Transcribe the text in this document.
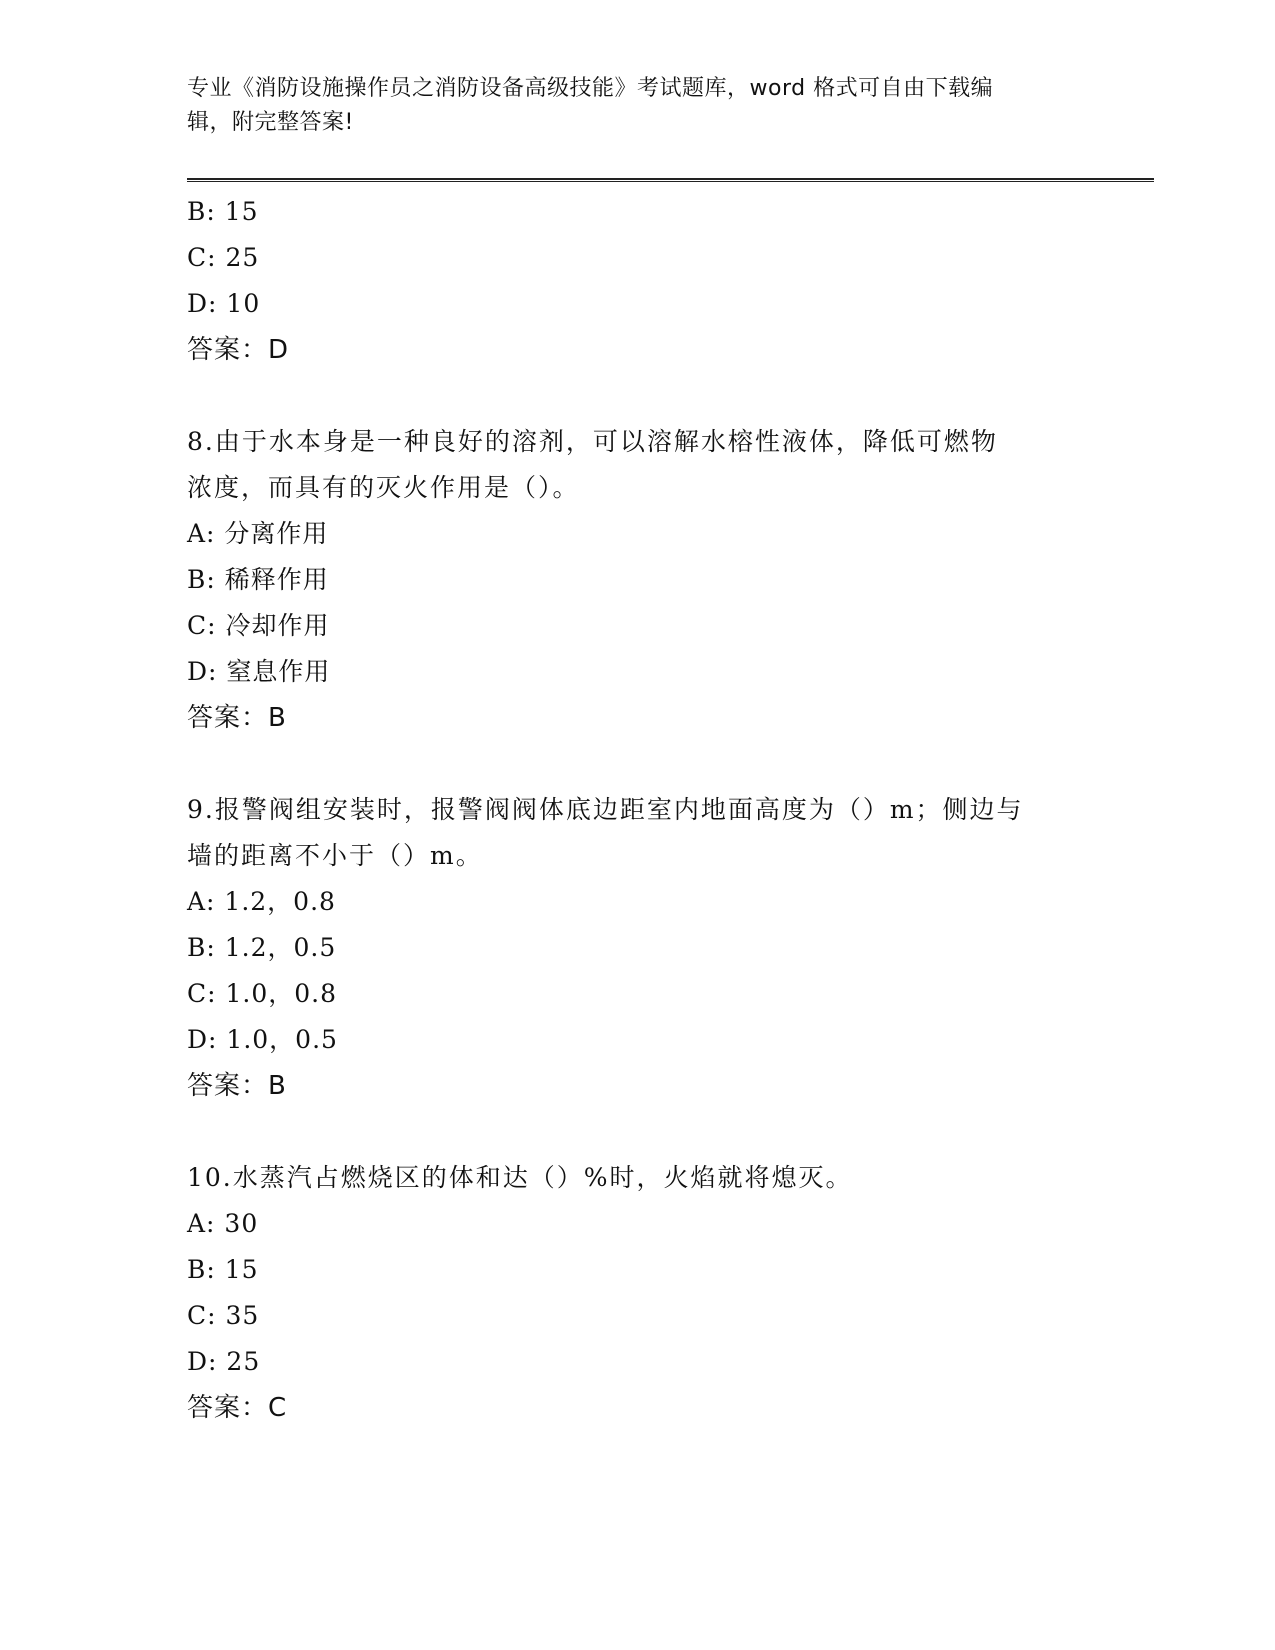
专业《消防设施操作员之消防设备高级技能》考试题库，word 格式可自由下载编
辑，附完整答案!
B: 15
C: 25
D: 10
答案：D
8.由于水本身是一种良好的溶剂，可以溶解水榕性液体，降低可燃物
浓度，而具有的灭火作用是（）。
A: 分离作用
B: 稀释作用
C: 冷却作用
D: 窒息作用
答案：B
9.报警阀组安装时，报警阀阀体底边距室内地面高度为（）m；侧边与
墙的距离不小于（）m。
A: 1.2，0.8
B: 1.2，0.5
C: 1.0，0.8
D: 1.0，0.5
答案：B
10.水蒸汽占燃烧区的体和达（）%时，火焰就将熄灭。
A: 30
B: 15
C: 35
D: 25
答案：C
